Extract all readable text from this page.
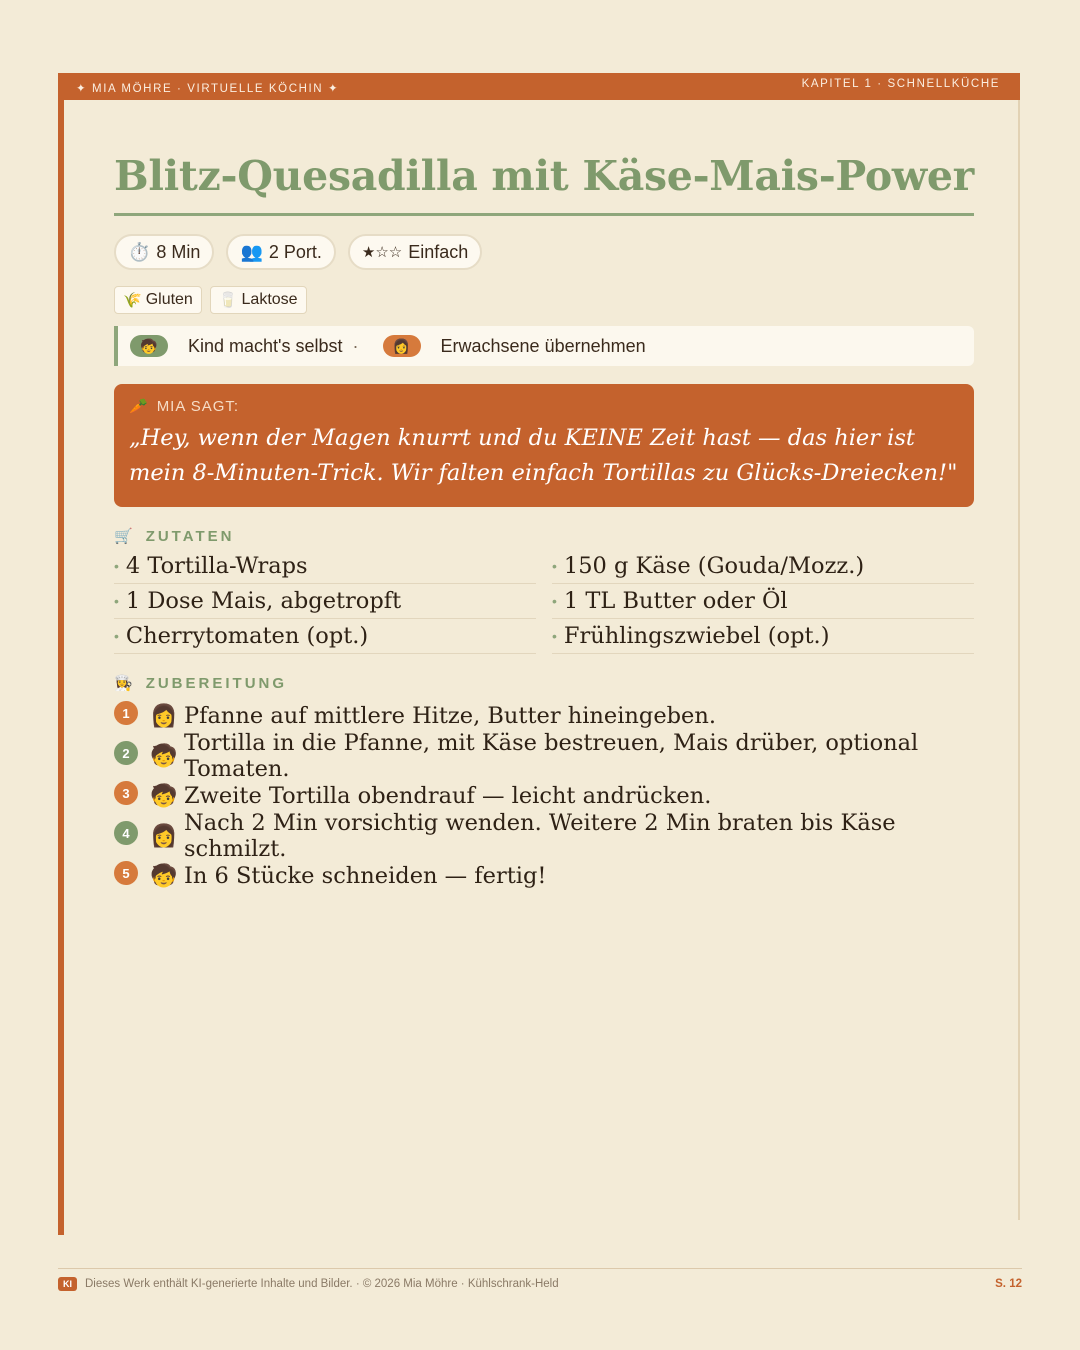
✦ MIA MÖHRE · VIRTUELLE KÖCHIN ✦	KAPITEL 1 · SCHNELLKÜCHE
Blitz-Quesadilla mit Käse-Mais-Power
⏱️ 8 Min 👥 2 Port.	★☆☆ Einfach
🌾 Gluten 🥛 Laktose
🧒	Kind macht's selbst ·	👩	Erwachsene übernehmen
🥕 MIA SAGT:
„Hey, wenn der Magen knurrt und du KEINE Zeit hast — das hier ist mein 8-Minuten-Trick. Wir falten einfach Tortillas zu Glücks-Dreiecken!"
🛒 ZUTATEN
• 4 Tortilla-Wraps	• 150 g Käse (Gouda/Mozz.)
• 1 Dose Mais, abgetropft	• 1 TL Butter oder Öl
• Cherrytomaten (opt.)	• Frühlingszwiebel (opt.)
👩‍🍳 ZUBEREITUNG
1 👩 Pfanne auf mittlere Hitze, Butter hineingeben.
2 🧒 Tortilla in die Pfanne, mit Käse bestreuen, Mais drüber, optional Tomaten.
3 🧒 Zweite Tortilla obendrauf — leicht andrücken.
4 👩 Nach 2 Min vorsichtig wenden. Weitere 2 Min braten bis Käse schmilzt.
5 🧒 In 6 Stücke schneiden — fertig!
KI	Dieses Werk enthält KI-generierte Inhalte und Bilder. · © 2026 Mia Möhre · Kühlschrank-Held	S. 12
